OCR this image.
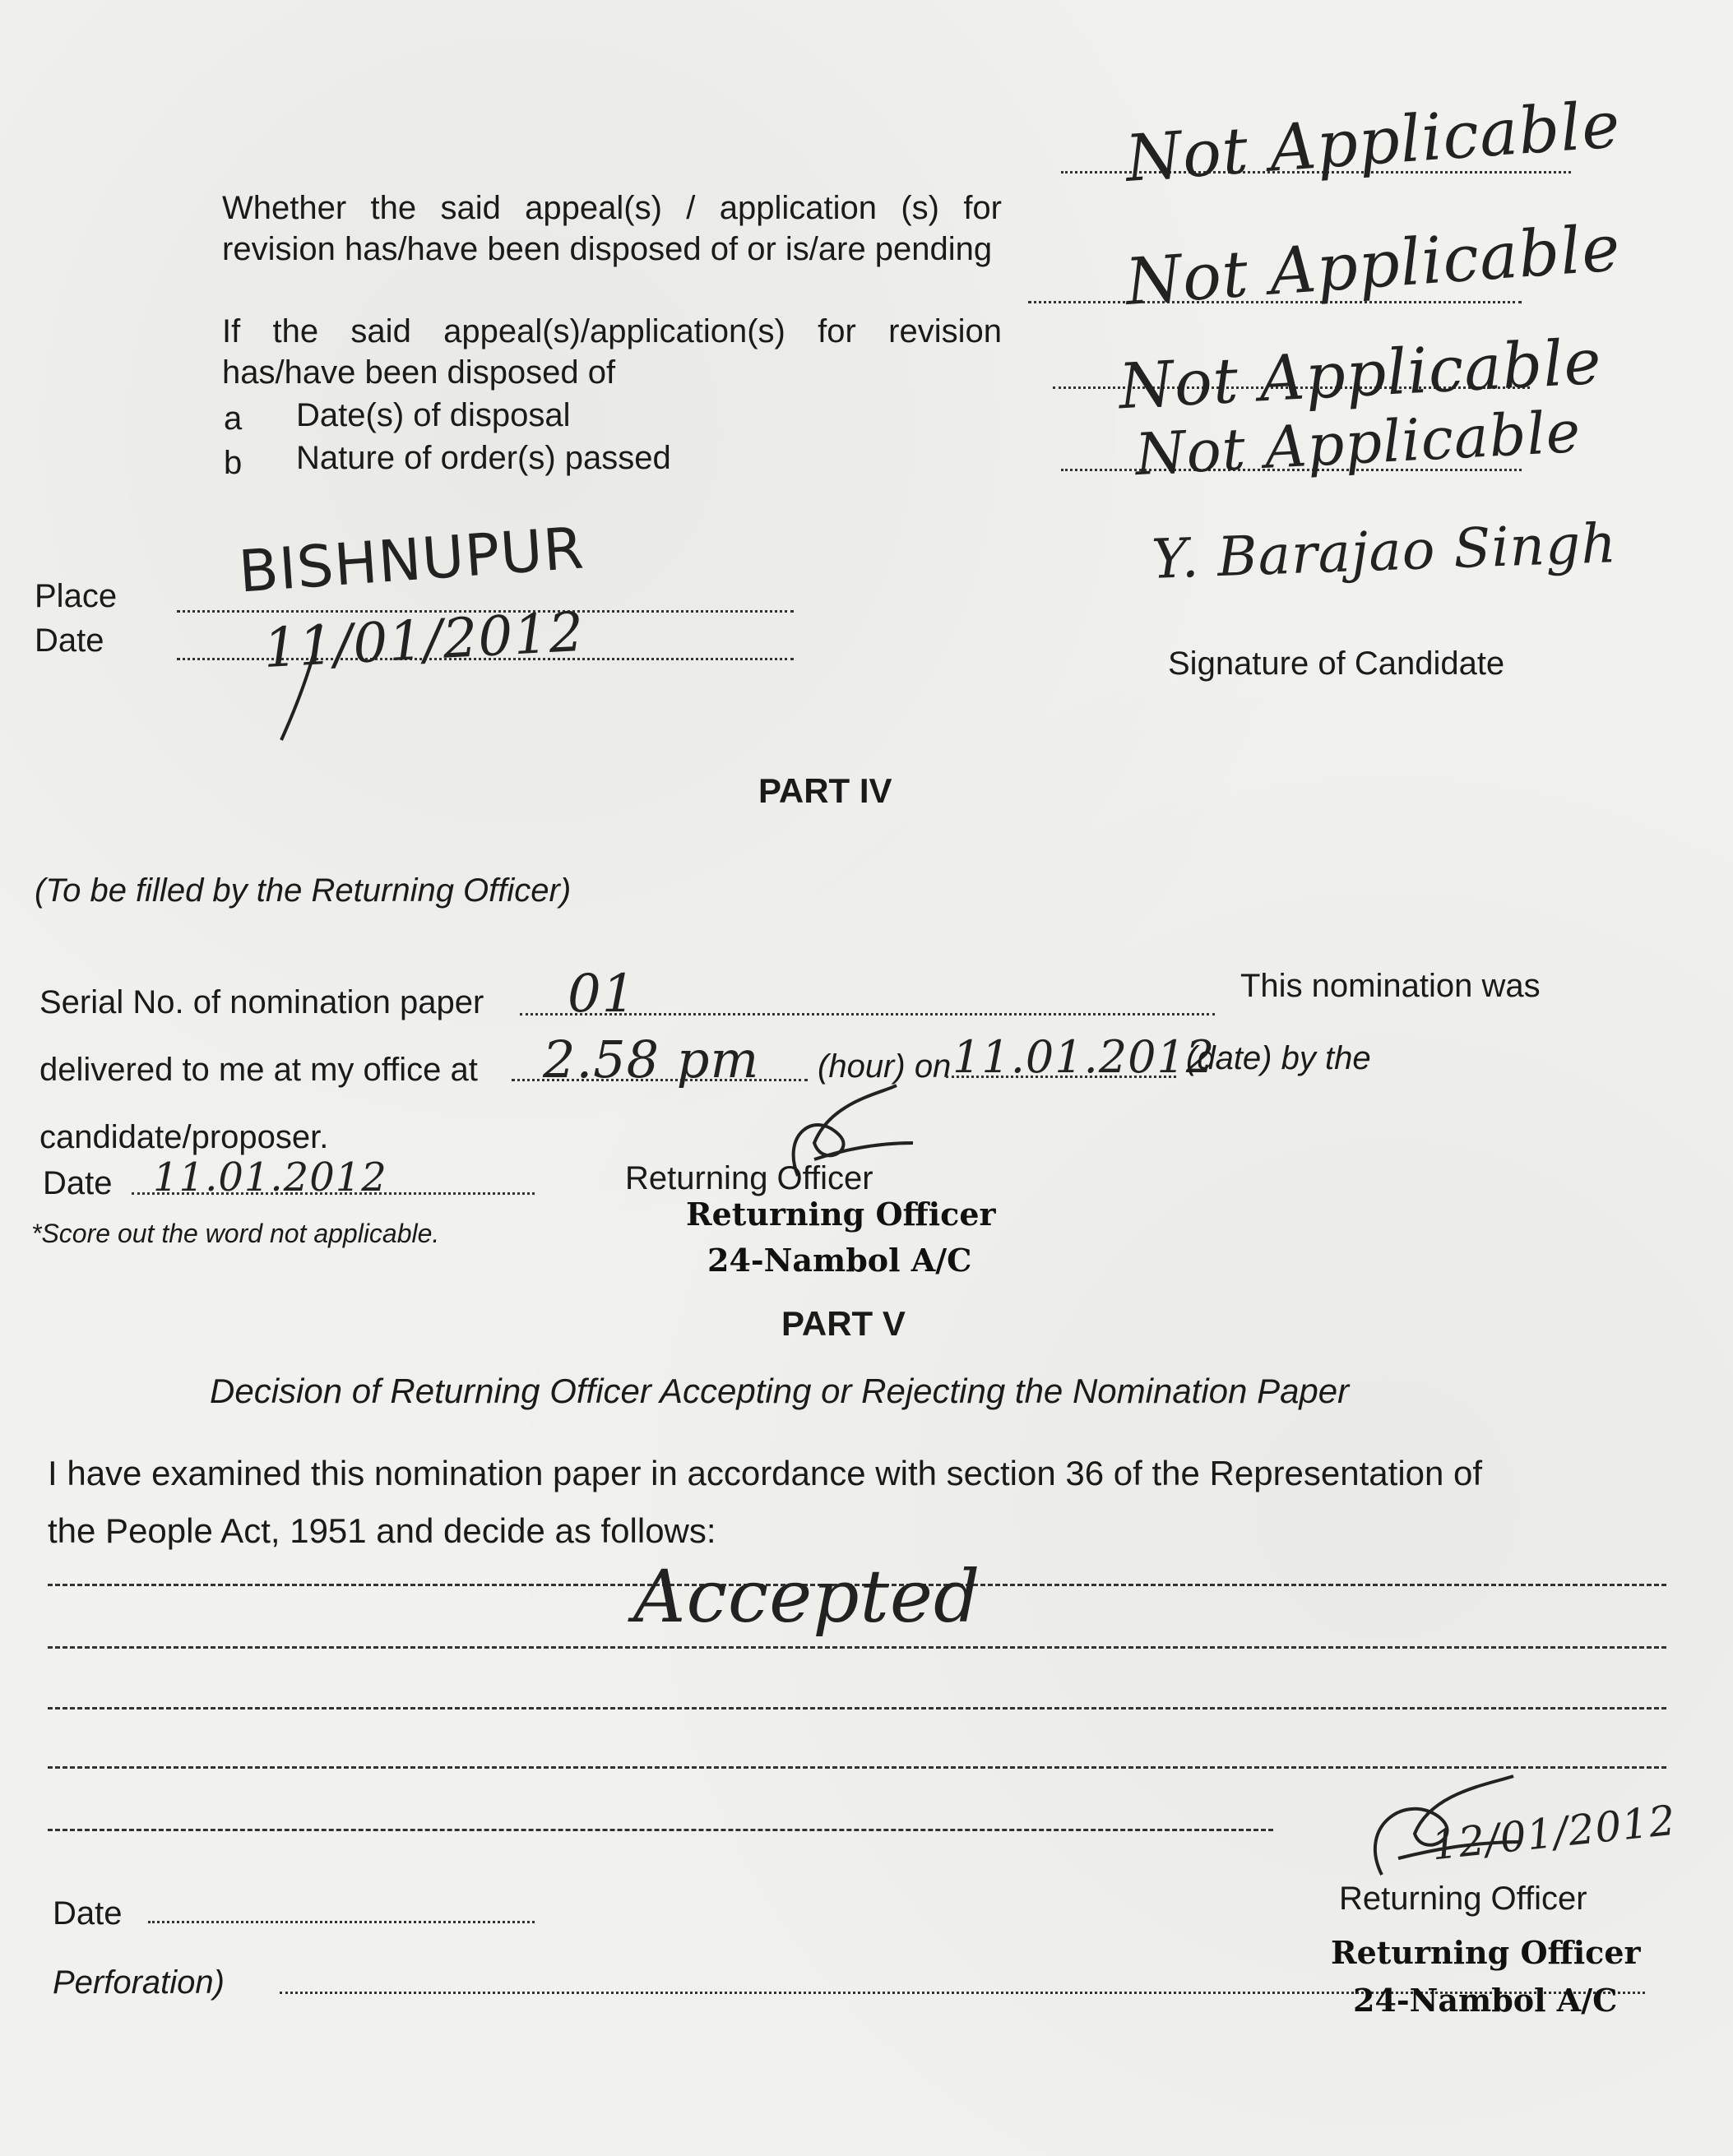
Whether the said appeal(s) / application (s) for revision has/have been disposed of or is/are pending
If the said appeal(s)/application(s) for revision has/have been disposed of
a Date(s) of disposal
b Nature of order(s) passed
Not Applicable
Not Applicable
Not Applicable
Not Applicable
Place
Date
BISHNUPUR
11/01/2012
Y. Barajao Singh
Signature of Candidate
PART IV
(To be filled by the Returning Officer)
Serial No. of nomination paper 01	This nomination was
delivered to me at my office at 2.58 pm (hour) on 11.01.2012
(date) by the
candidate/proposer.
Date 11.01.2012
*Score out the word not applicable.
Returning Officer
Returning Officer
24-Nambol A/C
PART V
Decision of Returning Officer Accepting or Rejecting the Nomination Paper
I have examined this nomination paper in accordance with section 36 of the Representation of
the People Act, 1951 and decide as follows:
Accepted
Date
Perforation)
12/01/2012
Returning Officer
Returning Officer
24-Nambol A/C
